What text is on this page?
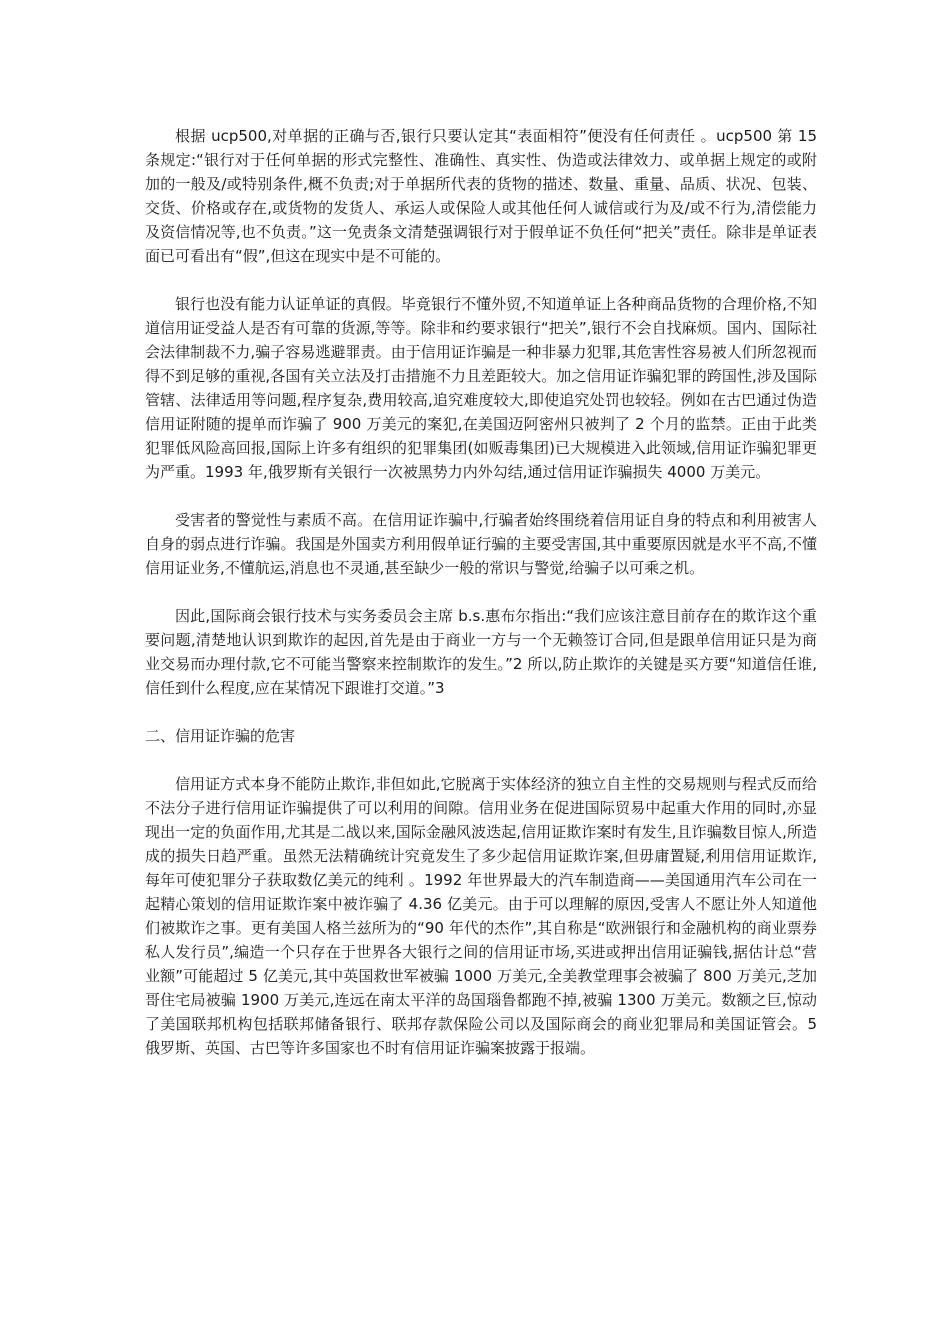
根据 ucp500,对单据的正确与否,银行只要认定其“表面相符”便没有任何责任 。ucp500 第 15 条规定:“银行对于任何单据的形式完整性、准确性、真实性、伪造或法律效力、或单据上规定的或附加的一般及/或特别条件,概不负责;对于单据所代表的货物的描述、数量、重量、品质、状况、包装、交货、价格或存在,或货物的发货人、承运人或保险人或其他任何人诚信或行为及/或不行为,清偿能力及资信情况等,也不负责。”这一免责条文清楚强调银行对于假单证不负任何“把关”责任。除非是单证表面已可看出有“假”,但这在现实中是不可能的。

银行也没有能力认证单证的真假。毕竟银行不懂外贸,不知道单证上各种商品货物的合理价格,不知道信用证受益人是否有可靠的货源,等等。除非和约要求银行“把关”,银行不会自找麻烦。国内、国际社会法律制裁不力,骗子容易逃避罪责。由于信用证诈骗是一种非暴力犯罪,其危害性容易被人们所忽视而得不到足够的重视,各国有关立法及打击措施不力且差距较大。加之信用证诈骗犯罪的跨国性,涉及国际管辖、法律适用等问题,程序复杂,费用较高,追究难度较大,即使追究处罚也较轻。例如在古巴通过伪造信用证附随的提单而诈骗了 900 万美元的案犯,在美国迈阿密州只被判了 2 个月的监禁。正由于此类犯罪低风险高回报,国际上许多有组织的犯罪集团(如贩毒集团)已大规模进入此领域,信用证诈骗犯罪更为严重。1993 年,俄罗斯有关银行一次被黑势力内外勾结,通过信用证诈骗损失 4000 万美元。

受害者的警觉性与素质不高。在信用证诈骗中,行骗者始终围绕着信用证自身的特点和利用被害人自身的弱点进行诈骗。我国是外国卖方利用假单证行骗的主要受害国,其中重要原因就是水平不高,不懂信用证业务,不懂航运,消息也不灵通,甚至缺少一般的常识与警觉,给骗子以可乘之机。

因此,国际商会银行技术与实务委员会主席 b.s.惠布尔指出:“我们应该注意目前存在的欺诈这个重要问题,清楚地认识到欺诈的起因,首先是由于商业一方与一个无赖签订合同,但是跟单信用证只是为商业交易而办理付款,它不可能当警察来控制欺诈的发生。”2 所以,防止欺诈的关键是买方要“知道信任谁,信任到什么程度,应在某情况下跟谁打交道。”3

二、信用证诈骗的危害

信用证方式本身不能防止欺诈,非但如此,它脱离于实体经济的独立自主性的交易规则与程式反而给不法分子进行信用证诈骗提供了可以利用的间隙。信用业务在促进国际贸易中起重大作用的同时,亦显现出一定的负面作用,尤其是二战以来,国际金融风波迭起,信用证欺诈案时有发生,且诈骗数目惊人,所造成的损失日趋严重。虽然无法精确统计究竟发生了多少起信用证欺诈案,但毋庸置疑,利用信用证欺诈,每年可使犯罪分子获取数亿美元的纯利 。1992 年世界最大的汽车制造商——美国通用汽车公司在一起精心策划的信用证欺诈案中被诈骗了 4.36 亿美元。由于可以理解的原因,受害人不愿让外人知道他们被欺诈之事。更有美国人格兰兹所为的“90 年代的杰作”,其自称是“欧洲银行和金融机构的商业票券私人发行员”,编造一个只存在于世界各大银行之间的信用证市场,买进或押出信用证骗钱,据估计总“营业额”可能超过 5 亿美元,其中英国救世军被骗 1000 万美元,全美教堂理事会被骗了 800 万美元,芝加哥住宅局被骗 1900 万美元,连远在南太平洋的岛国瑙鲁都跑不掉,被骗 1300 万美元。数额之巨,惊动了美国联邦机构包括联邦储备银行、联邦存款保险公司以及国际商会的商业犯罪局和美国证管会。5 俄罗斯、英国、古巴等许多国家也不时有信用证诈骗案披露于报端。
